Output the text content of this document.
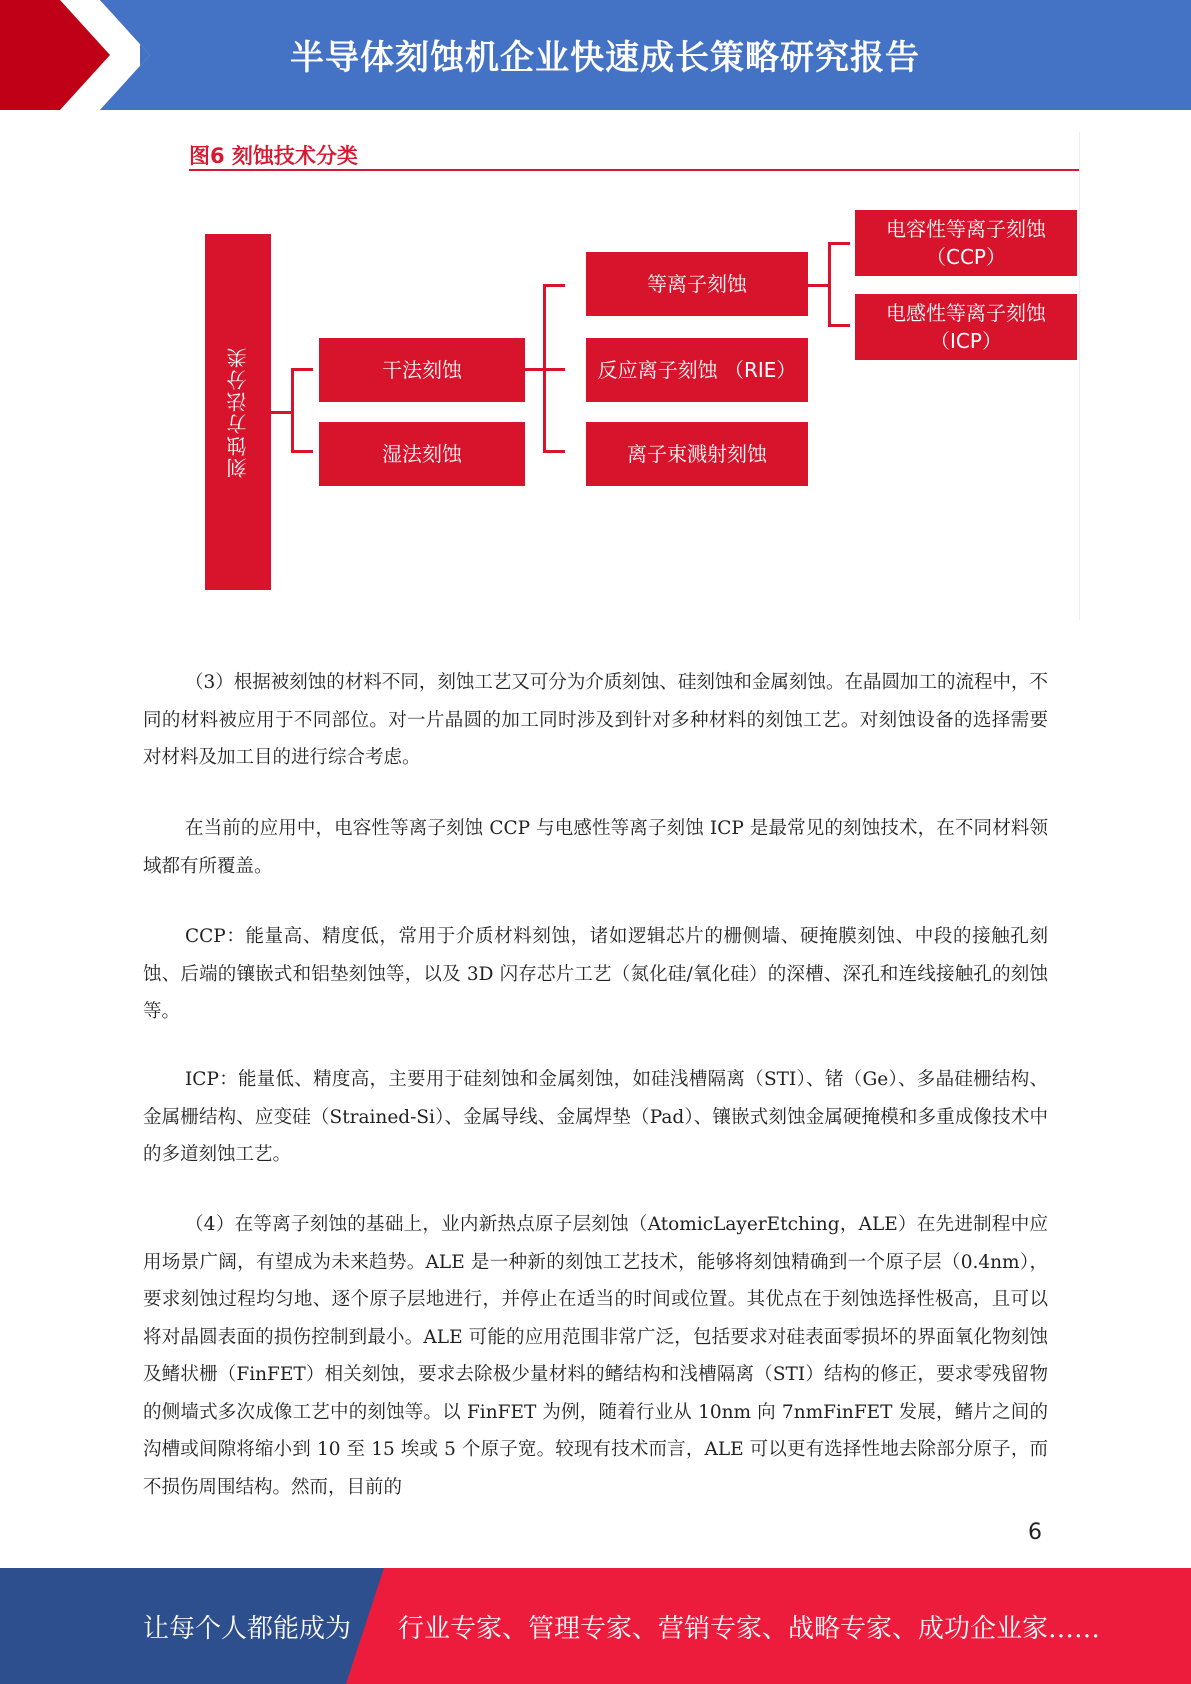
半导体刻蚀机企业快速成长策略研究报告
图6 刻蚀技术分类
刻蚀方法分类	干法刻蚀
湿法刻蚀
等离子刻蚀
反应离子刻蚀 （RIE）
离子束溅射刻蚀
电容性等离子刻蚀
（CCP）
电感性等离子刻蚀
（ICP）

（3）根据被刻蚀的材料不同，刻蚀工艺又可分为介质刻蚀、硅刻蚀和金属刻蚀。在晶圆加工的流程中，不同的材料被应用于不同部位。对一片晶圆的加工同时涉及到针对多种材料的刻蚀工艺。对刻蚀设备的选择需要对材料及加工目的进行综合考虑。

在当前的应用中，电容性等离子刻蚀 CCP 与电感性等离子刻蚀 ICP 是最常见的刻蚀技术，在不同材料领域都有所覆盖。

CCP：能量高、精度低，常用于介质材料刻蚀，诸如逻辑芯片的栅侧墙、硬掩膜刻蚀、中段的接触孔刻蚀、后端的镶嵌式和铝垫刻蚀等，以及 3D 闪存芯片工艺（氮化硅/氧化硅）的深槽、深孔和连线接触孔的刻蚀等。

ICP：能量低、精度高，主要用于硅刻蚀和金属刻蚀，如硅浅槽隔离（STI）、锗（Ge）、多晶硅栅结构、金属栅结构、应变硅（Strained-Si）、金属导线、金属焊垫（Pad）、镶嵌式刻蚀金属硬掩模和多重成像技术中的多道刻蚀工艺。

（4）在等离子刻蚀的基础上，业内新热点原子层刻蚀（AtomicLayerEtching，ALE）在先进制程中应用场景广阔，有望成为未来趋势。ALE 是一种新的刻蚀工艺技术，能够将刻蚀精确到一个原子层（0.4nm），要求刻蚀过程均匀地、逐个原子层地进行，并停止在适当的时间或位置。其优点在于刻蚀选择性极高，且可以将对晶圆表面的损伤控制到最小。ALE 可能的应用范围非常广泛，包括要求对硅表面零损坏的界面氧化物刻蚀及鳍状栅（FinFET）相关刻蚀，要求去除极少量材料的鳍结构和浅槽隔离（STI）结构的修正，要求零残留物的侧墙式多次成像工艺中的刻蚀等。以 FinFET 为例，随着行业从 10nm 向 7nmFinFET 发展，鳍片之间的沟槽或间隙将缩小到 10 至 15 埃或 5 个原子宽。较现有技术而言，ALE 可以更有选择性地去除部分原子，而不损伤周围结构。然而，目前的

6
让每个人都能成为 行业专家、管理专家、营销专家、战略专家、成功企业家……
